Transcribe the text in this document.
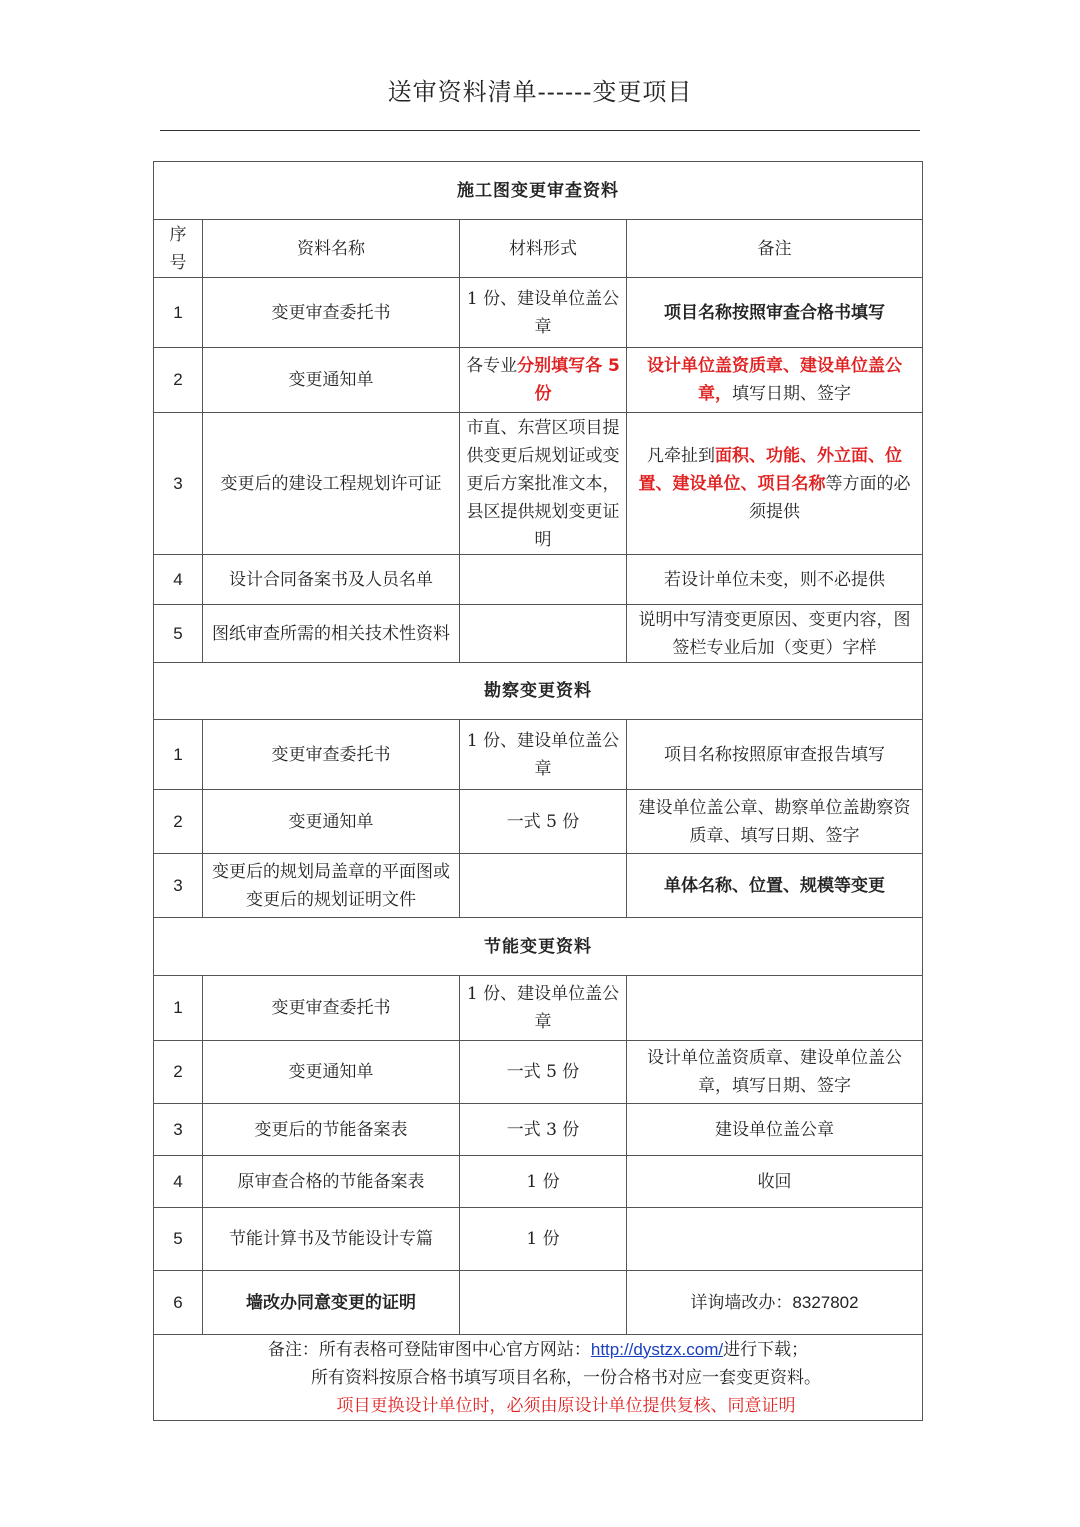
送审资料清单------变更项目
施工图变更审查资料			
序号	资料名称	材料形式	备注
1	变更审查委托书	1 份、建设单位盖公章	项目名称按照审查合格书填写
2	变更通知单	各专业分别填写各 5 份	设计单位盖资质章、建设单位盖公章，填写日期、签字
3	变更后的建设工程规划许可证	市直、东营区项目提供变更后规划证或变更后方案批准文本，县区提供规划变更证明	凡牵扯到面积、功能、外立面、位置、建设单位、项目名称等方面的必须提供
4	设计合同备案书及人员名单		若设计单位未变，则不必提供
5	图纸审查所需的相关技术性资料		说明中写清变更原因、变更内容，图签栏专业后加（变更）字样
勘察变更资料			
1	变更审查委托书	1 份、建设单位盖公章	项目名称按照原审查报告填写
2	变更通知单	一式 5 份	建设单位盖公章、勘察单位盖勘察资质章、填写日期、签字
3	变更后的规划局盖章的平面图或变更后的规划证明文件		单体名称、位置、规模等变更
节能变更资料			
1	变更审查委托书	1 份、建设单位盖公章	
2	变更通知单	一式 5 份	设计单位盖资质章、建设单位盖公章，填写日期、签字
3	变更后的节能备案表	一式 3 份	建设单位盖公章
4	原审查合格的节能备案表	1 份	收回
5	节能计算书及节能设计专篇	1 份	
6	墙改办同意变更的证明		详询墙改办：8327802

备注：所有表格可登陆审图中心官方网站：http://dystzx.com/进行下载；
所有资料按原合格书填写项目名称，一份合格书对应一套变更资料。
项目更换设计单位时，必须由原设计单位提供复核、同意证明			
